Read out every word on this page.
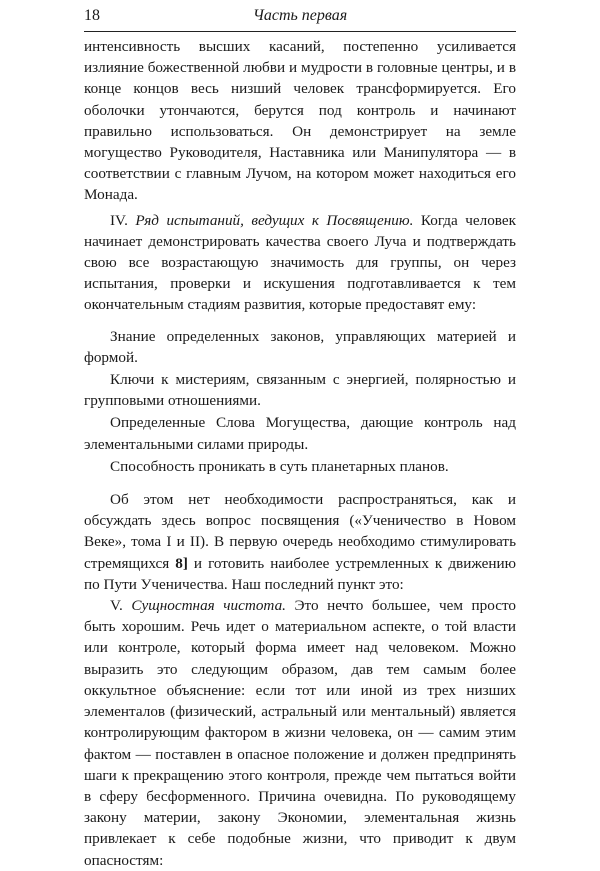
18	Часть первая

интенсивность высших касаний, постепенно усиливается излияние божественной любви и мудрости в головные центры, и в конце концов весь низший человек трансформируется. Его оболочки утончаются, берутся под контроль и начинают правильно использоваться. Он демонстрирует на земле могущество Руководителя, Наставника или Манипулятора — в соответствии с главным Лучом, на котором может находиться его Монада.

IV. Ряд испытаний, ведущих к Посвящению. Когда человек начинает демонстрировать качества своего Луча и подтверждать свою все возрастающую значимость для группы, он через испытания, проверки и искушения подготавливается к тем окончательным стадиям развития, которые предоставят ему:

Знание определенных законов, управляющих материей и формой.

Ключи к мистериям, связанным с энергией, полярностью и групповыми отношениями.

Определенные Слова Могущества, дающие контроль над элементальными силами природы.

Способность проникать в суть планетарных планов.

Об этом нет необходимости распространяться, как и обсуждать здесь вопрос посвящения («Ученичество в Новом Веке», тома I и II). В первую очередь необходимо стимулировать стремящихся 8] и готовить наиболее устремленных к движению по Пути Ученичества. Наш последний пункт это:

V. Сущностная чистота. Это нечто большее, чем просто быть хорошим. Речь идет о материальном аспекте, о той власти или контроле, который форма имеет над человеком. Можно выразить это следующим образом, дав тем самым более оккультное объяснение: если тот или иной из трех низших элементалов (физический, астральный или ментальный) является контролирующим фактором в жизни человека, он — самим этим фактом — поставлен в опасное положение и должен предпринять шаги к прекращению этого контроля, прежде чем пытаться войти в сферу бесформенного. Причина очевидна. По руководящему закону материи, закону Экономии, элементальная жизнь привлекает к себе подобные жизни, что приводит к двум опасностям:
